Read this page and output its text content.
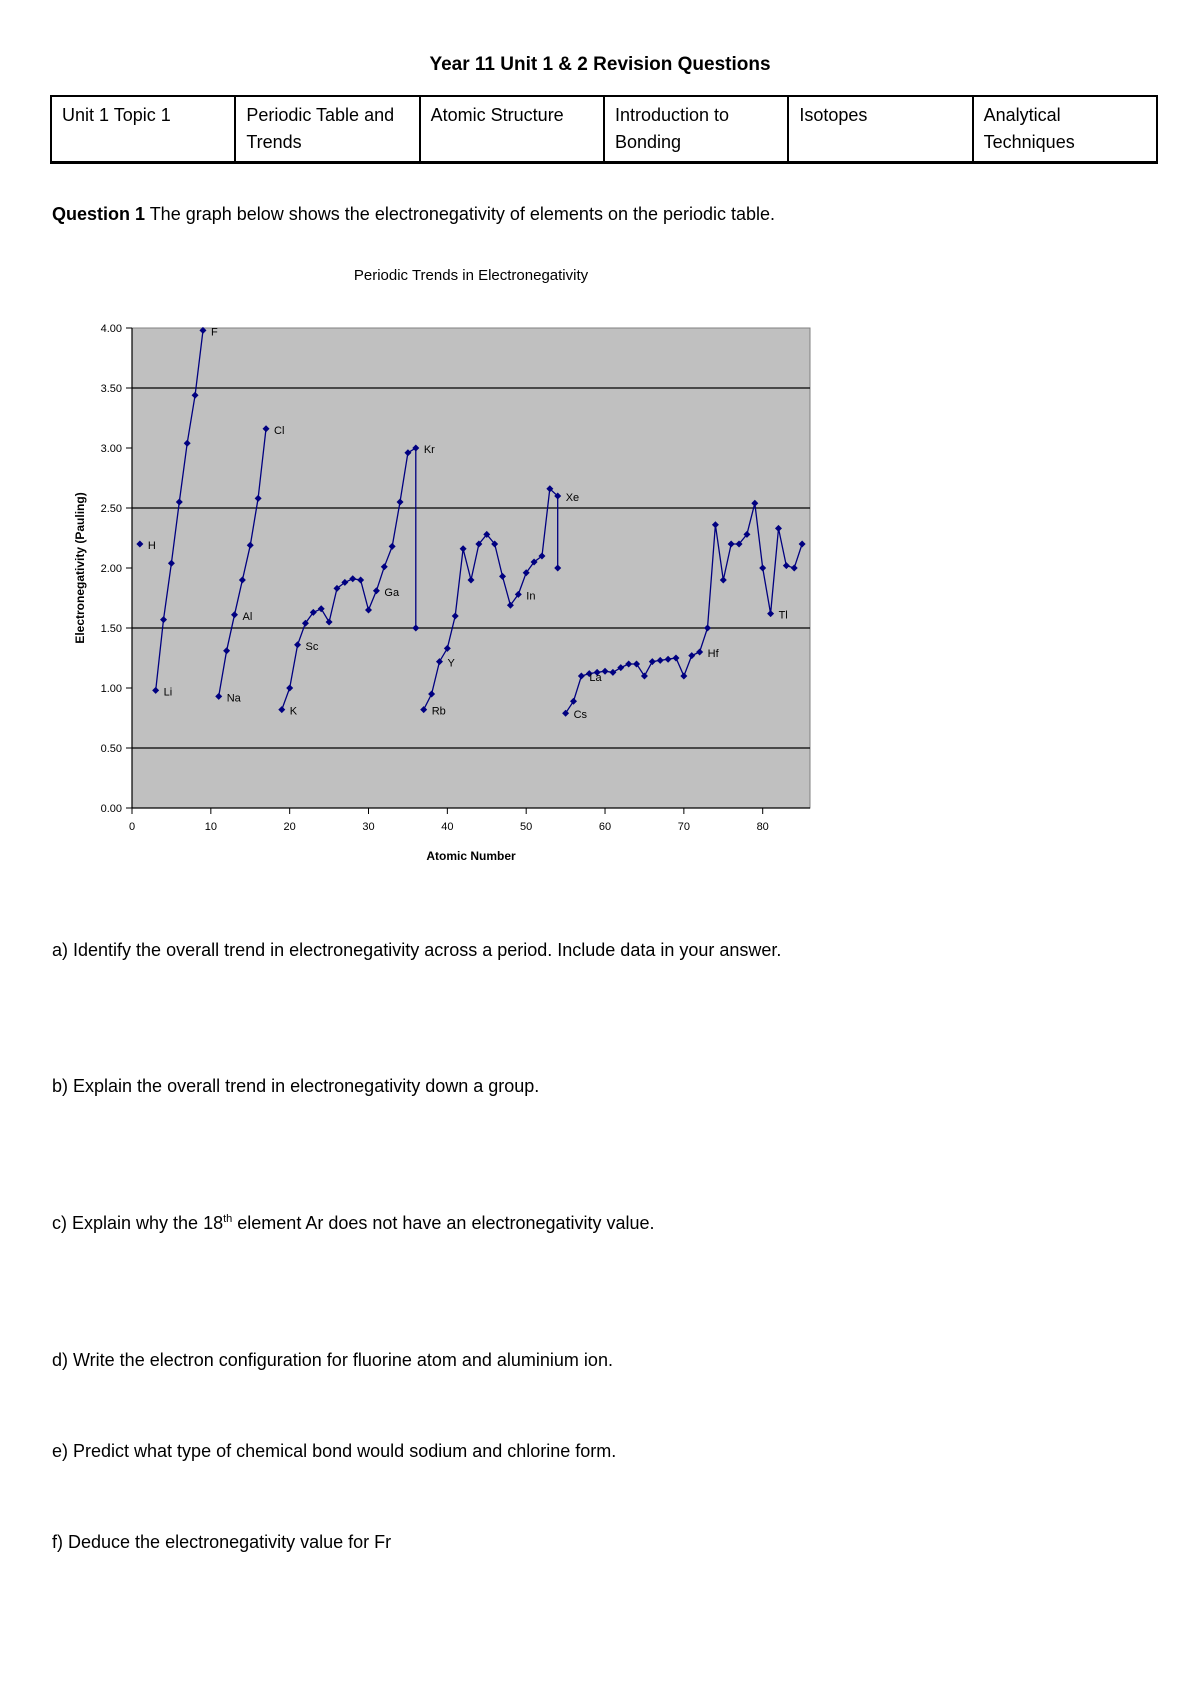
Year 11 Unit 1 & 2 Revision Questions
Unit 1 Topic 1	Periodic Table and Trends	Atomic Structure	Introduction to Bonding	Isotopes	Analytical Techniques
Question 1 The graph below shows the electronegativity of elements on the periodic table.
Periodic Trends in Electronegativity
0.00
0.50
1.00
1.50
2.00
2.50
3.00
3.50
4.00
0	10	20	30	40	50	60	70	80
Atomic Number
Electronegativity (Pauling)	H
Li
F
Na
Al
Cl
K
Sc
Ga
Kr
Rb
Y
In
Xe
Cs
La
Hf
Tl
a) Identify the overall trend in electronegativity across a period. Include data in your answer.
b) Explain the overall trend in electronegativity down a group.
c) Explain why the 18th element Ar does not have an electronegativity value.
d) Write the electron configuration for fluorine atom and aluminium ion.
e) Predict what type of chemical bond would sodium and chlorine form.
f) Deduce the electronegativity value for Fr
